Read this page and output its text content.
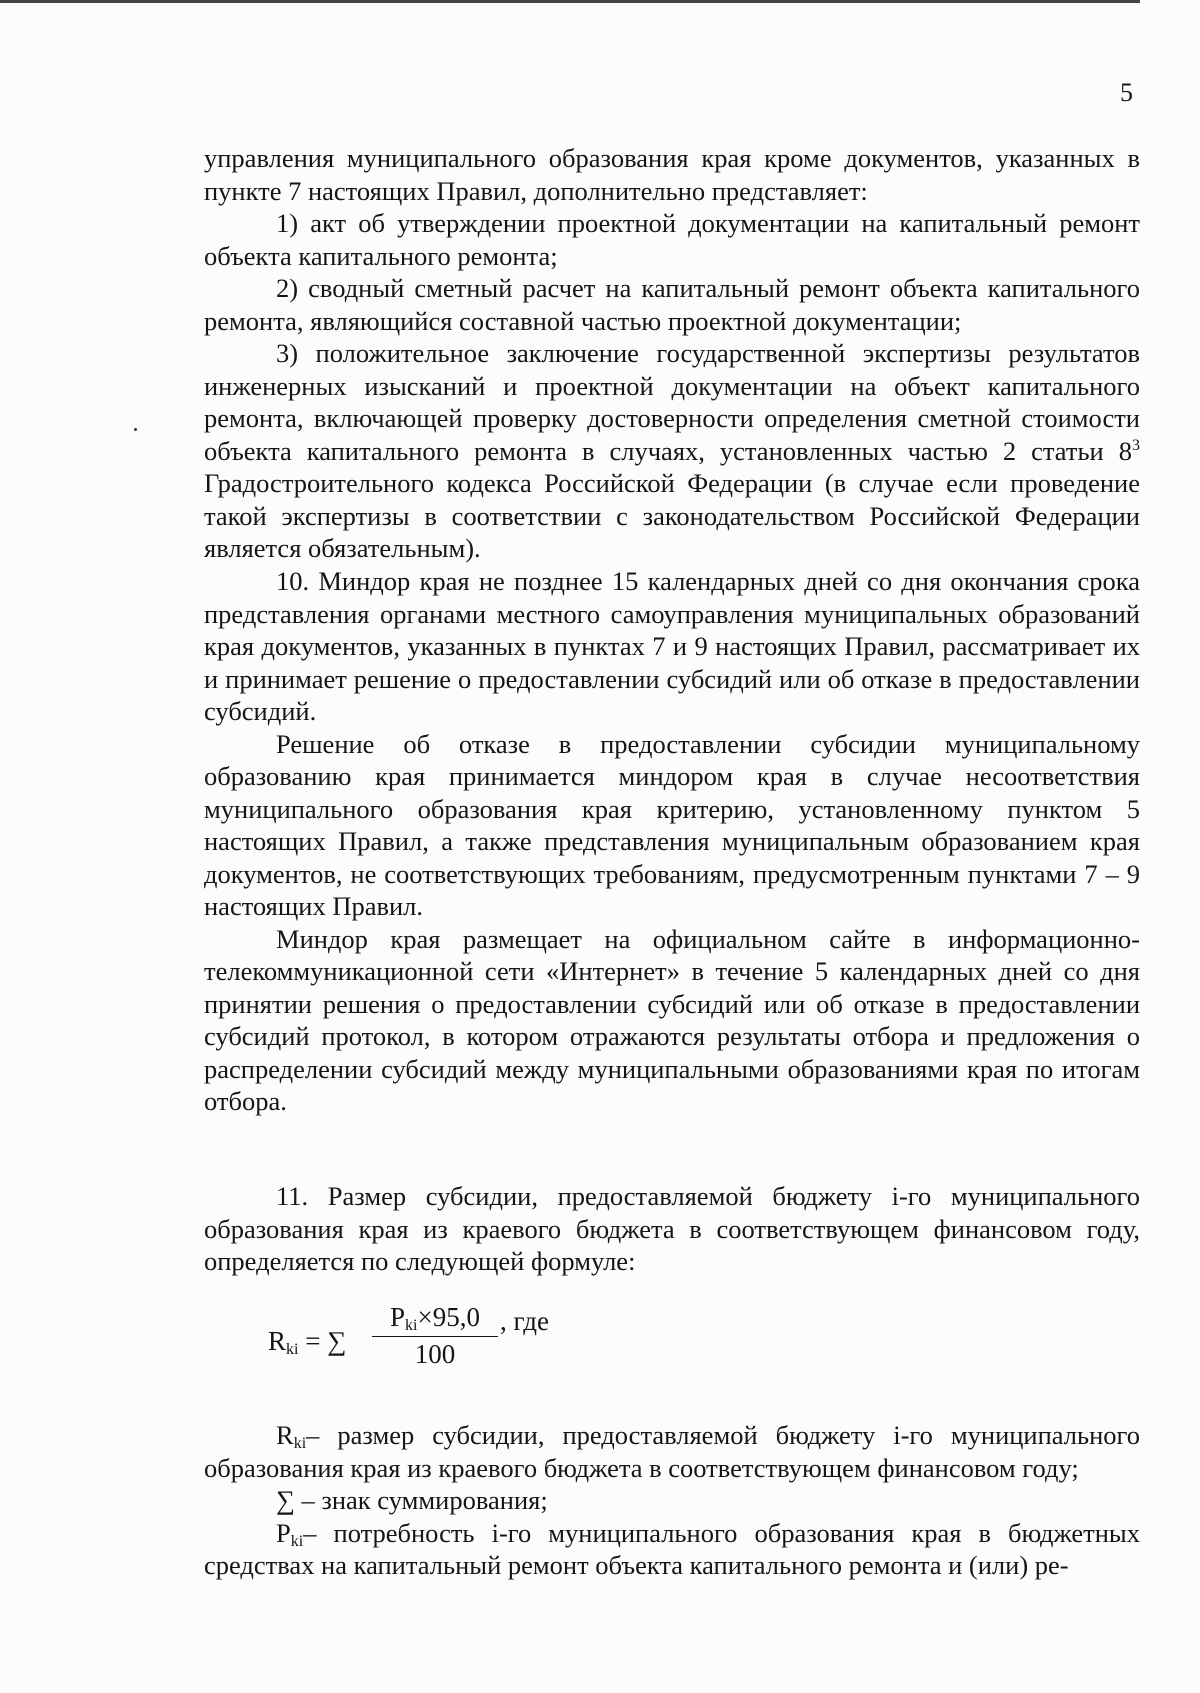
5

управления муниципального образования края кроме документов, указанных в пункте 7 настоящих Правил, дополнительно представляет:

1) акт об утверждении проектной документации на капитальный ремонт объекта капитального ремонта;

2) сводный сметный расчет на капитальный ремонт объекта капитального ремонта, являющийся составной частью проектной документации;

3) положительное заключение государственной экспертизы результатов инженерных изысканий и проектной документации на объект капитального ремонта, включающей проверку достоверности определения сметной стоимости объекта капитального ремонта в случаях, установленных частью 2 статьи $8^3$ Градостроительного кодекса Российской Федерации (в случае если проведение такой экспертизы в соответствии с законодательством Российской Федерации является обязательным).

10. Миндор края не позднее 15 календарных дней со дня окончания срока представления органами местного самоуправления муниципальных образований края документов, указанных в пунктах 7 и 9 настоящих Правил, рассматривает их и принимает решение о предоставлении субсидий или об отказе в предоставлении субсидий.

Решение об отказе в предоставлении субсидии муниципальному образованию края принимается миндором края в случае несоответствия муниципального образования края критерию, установленному пунктом 5 настоящих Правил, а также представления муниципальным образованием края документов, не соответствующих требованиям, предусмотренным пунктами 7 – 9 настоящих Правил.

Миндор края размещает на официальном сайте в информационно-телекоммуникационной сети «Интернет» в течение 5 календарных дней со дня принятии решения о предоставлении субсидий или об отказе в предоставлении субсидий протокол, в котором отражаются результаты отбора и предложения о распределении субсидий между муниципальными образованиями края по итогам отбора.

11. Размер субсидии, предоставляемой бюджету i-го муниципального образования края из краевого бюджета в соответствующем финансовом году, определяется по следующей формуле:

$R_{ki}$ = ∑
$P_{ki}\times 95,0$
100
, где

$R_{ki}-$ размер субсидии, предоставляемой бюджету i-го муниципального образования края из краевого бюджета в соответствующем финансовом году;

∑ – знак суммирования;

$P_{ki}-$ потребность i-го муниципального образования края в бюджетных средствах на капитальный ремонт объекта капитального ремонта и (или) ре-
